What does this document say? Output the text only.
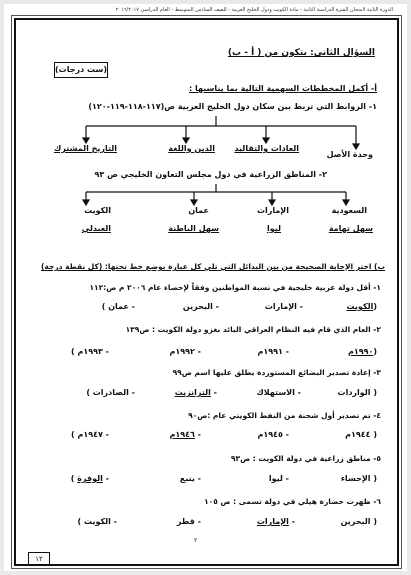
الدورة الثانية لامتحان الفترة الدراسية الثانية - مادة الكويت ودول الخليج العربية - للصف السادس المتوسط - العام الدراسي ٢٠١٦/٢٠١٧
السؤال الثاني: يتكون من ( أ - ب)
(ست درجات)
أ- أكمل المخططات السهمية التالية بما يناسبها :
١- الروابط التي تربط بين سكان دول الخليج العربية ص(١١٧-١١٨-١١٩-١٢٠)
وحدة الأصل
العادات والتقاليد
الدين واللغة
التاريخ المشترك
٢- المناطق الزراعية في دول مجلس التعاون الخليجي ص ٩٣
السعودية
الإمارات
عمان
الكويت
سهل تهامة
ليوا
سهل الباطنة
العبدلي
ب) اختر الإجابة الصحيحة من بين البدائل التي تلي كل عبارة بوضع خط تحتها: (كل نقطة درجة)
١- أقل دولة عربية خليجية في نسبة المواطنين وفقاً لإحصاء عام ٢٠٠٦ م ص:١١٢
(الكويت
- الإمارات
- البحرين
- عمان )
٢- العام الذي قام فيه النظام العراقي البائد بغزو دولة الكويت : ص١٣٩
(١٩٩٠م
- ١٩٩١م
- ١٩٩٢م
- ١٩٩٣م )
٣- إعادة تصدير البضائع المستوردة يطلق عليها اسم ص٩٩
( الواردات
- الاستهلاك
- الترانزيت
- الصادرات )
٤- تم تصدير أول شحنة من النفط الكويتي عام :ص٩٠
( ١٩٤٤م
- ١٩٤٥م
- ١٩٤٦م
- ١٩٤٧م )
٥- مناطق زراعية في دولة الكويت : ص٩٣
( الإحساء
- ليوا
- ينبع
- الوفرة )
٦- ظهرت حضارة هيلي في دولة تسمى : ص ١٠٥
( البحرين
- الإمارات
- قطر
- الكويت )
٢
١٢
